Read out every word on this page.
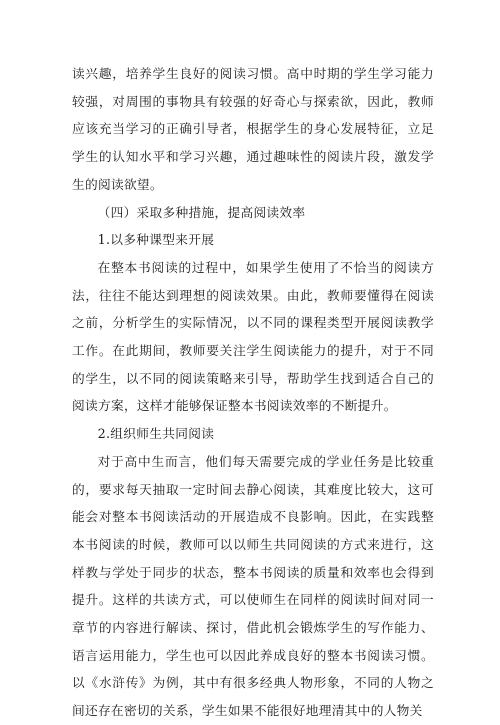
读兴趣，培养学生良好的阅读习惯。高中时期的学生学习能力较强，对周围的事物具有较强的好奇心与探索欲，因此，教师应该充当学习的正确引导者，根据学生的身心发展特征，立足学生的认知水平和学习兴趣，通过趣味性的阅读片段，激发学生的阅读欲望。

（四）采取多种措施，提高阅读效率

1.以多种课型来开展

在整本书阅读的过程中，如果学生使用了不恰当的阅读方法，往往不能达到理想的阅读效果。由此，教师要懂得在阅读之前，分析学生的实际情况，以不同的课程类型开展阅读教学工作。在此期间，教师要关注学生阅读能力的提升，对于不同的学生，以不同的阅读策略来引导，帮助学生找到适合自己的阅读方案，这样才能够保证整本书阅读效率的不断提升。

2.组织师生共同阅读

对于高中生而言，他们每天需要完成的学业任务是比较重的，要求每天抽取一定时间去静心阅读，其难度比较大，这可能会对整本书阅读活动的开展造成不良影响。因此，在实践整本书阅读的时候，教师可以以师生共同阅读的方式来进行，这样教与学处于同步的状态，整本书阅读的质量和效率也会得到提升。这样的共读方式，可以使师生在同样的阅读时间对同一章节的内容进行解读、探讨，借此机会锻炼学生的写作能力、语言运用能力，学生也可以因此养成良好的整本书阅读习惯。以《水浒传》为例，其中有很多经典人物形象，不同的人物之间还存在密切的关系，学生如果不能很好地理清其中的人物关
